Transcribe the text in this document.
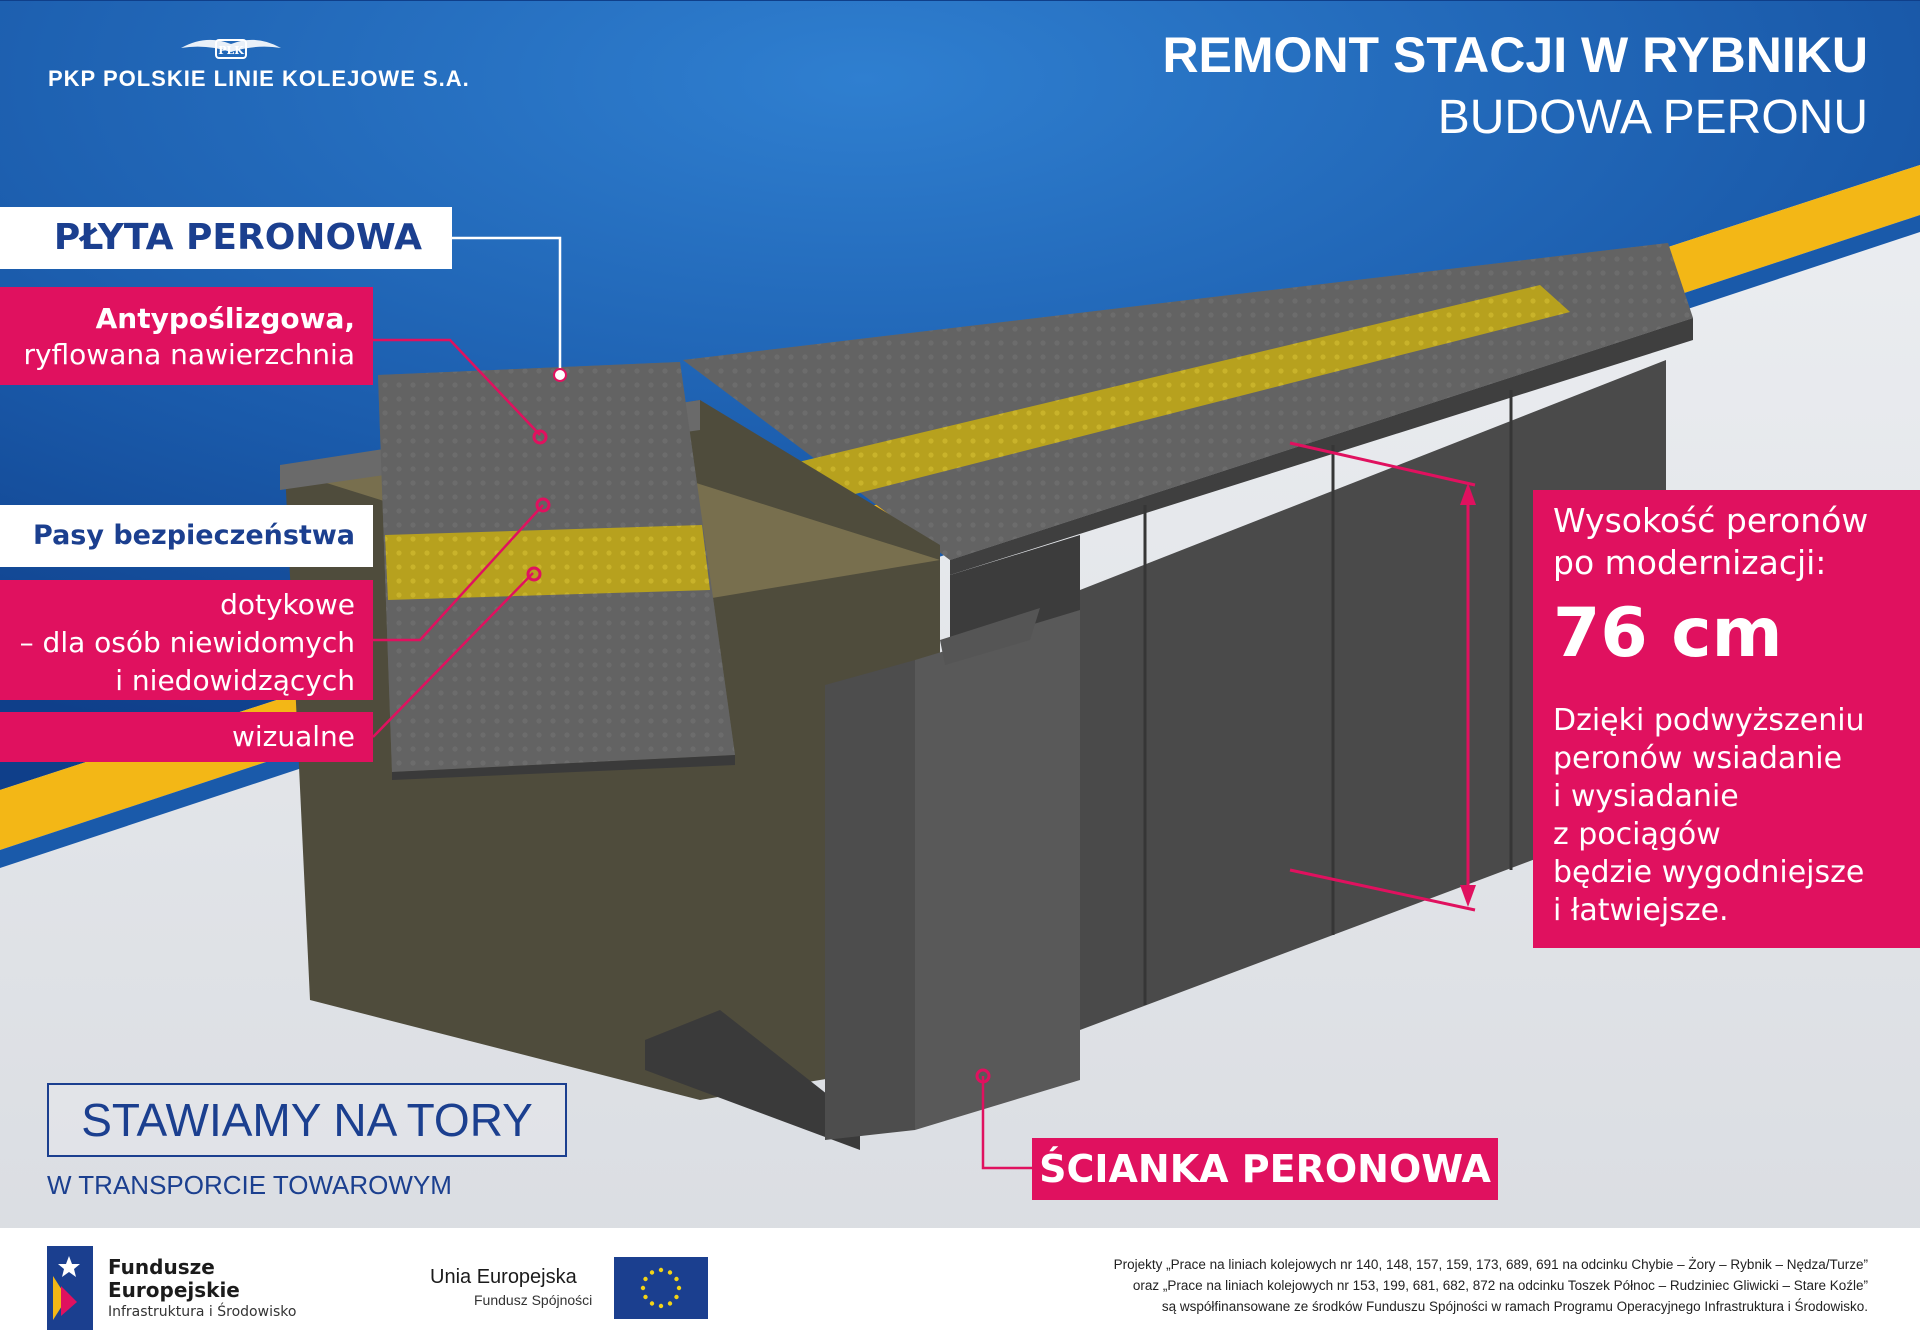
PLK
PKP POLSKIE LINIE KOLEJOWE S.A.	REMONT STACJI W RYBNIKU
BUDOWA PERONU
PŁYTA PERONOWA
Antypoślizgowa,
ryflowana nawierzchnia
Pasy bezpieczeństwa
dotykowe
– dla osób niewidomych
i niedowidzących
wizualne
Wysokość peronów
po modernizacji:
76 cm
Dzięki podwyższeniu
peronów wsiadanie
i wysiadanie
z pociągów
będzie wygodniejsze
i łatwiejsze.
ŚCIANKA PERONOWA
STAWIAMY NA TORY
W TRANSPORCIE TOWAROWYM
Fundusze
Europejskie
Infrastruktura i Środowisko
Unia Europejska
Fundusz Spójności
Projekty „Prace na liniach kolejowych nr 140, 148, 157, 159, 173, 689, 691 na odcinku Chybie – Żory – Rybnik – Nędza/Turze”
oraz „Prace na liniach kolejowych nr 153, 199, 681, 682, 872 na odcinku Toszek Północ – Rudziniec Gliwicki – Stare Koźle”
są współfinansowane ze środków Funduszu Spójności w ramach Programu Operacyjnego Infrastruktura i Środowisko.
